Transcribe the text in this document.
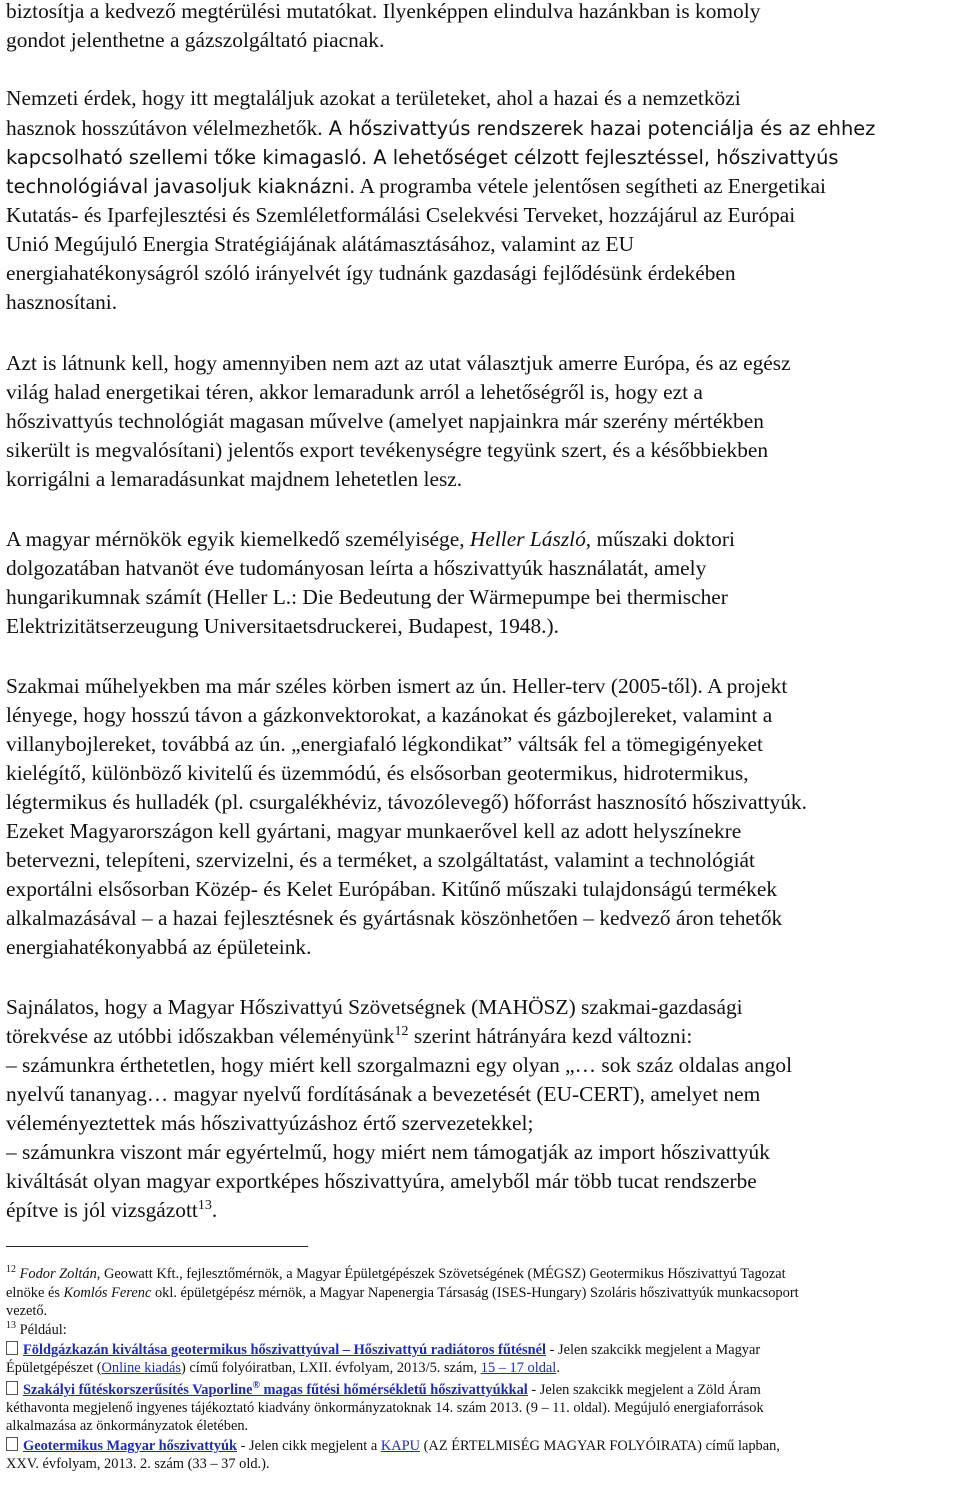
biztosítja a kedvező megtérülési mutatókat. Ilyenképpen elindulva hazánkban is komoly
gondot jelenthetne a gázszolgáltató piacnak.
Nemzeti érdek, hogy itt megtaláljuk azokat a területeket, ahol a hazai és a nemzetközi
hasznok hosszútávon vélelmezhetők. A hőszivattyús rendszerek hazai potenciálja és az ehhez
kapcsolható szellemi tőke kimagasló. A lehetőséget célzott fejlesztéssel, hőszivattyús
technológiával javasoljuk kiaknázni. A programba vétele jelentősen segítheti az Energetikai
Kutatás- és Iparfejlesztési és Szemléletformálási Cselekvési Terveket, hozzájárul az Európai
Unió Megújuló Energia Stratégiájának alátámasztásához, valamint az EU
energiahatékonyságról szóló irányelvét így tudnánk gazdasági fejlődésünk érdekében
hasznosítani.
Azt is látnunk kell, hogy amennyiben nem azt az utat választjuk amerre Európa, és az egész
világ halad energetikai téren, akkor lemaradunk arról a lehetőségről is, hogy ezt a
hőszivattyús technológiát magasan művelve (amelyet napjainkra már szerény mértékben
sikerült is megvalósítani) jelentős export tevékenységre tegyünk szert, és a későbbiekben
korrigálni a lemaradásunkat majdnem lehetetlen lesz.
A magyar mérnökök egyik kiemelkedő személyisége, Heller László, műszaki doktori
dolgozatában hatvanöt éve tudományosan leírta a hőszivattyúk használatát, amely
hungarikumnak számít (Heller L.: Die Bedeutung der Wärmepumpe bei thermischer
Elektrizitätserzeugung Universitaetsdruckerei, Budapest, 1948.).
Szakmai műhelyekben ma már széles körben ismert az ún. Heller-terv (2005-től). A projekt
lényege, hogy hosszú távon a gázkonvektorokat, a kazánokat és gázbojlereket, valamint a
villanybojlereket, továbbá az ún. „energiafaló légkondikat” váltsák fel a tömegigényeket
kielégítő, különböző kivitelű és üzemmódú, és elsősorban geotermikus, hidrotermikus,
légtermikus és hulladék (pl. csurgalékhéviz, távozólevegő) hőforrást hasznosító hőszivattyúk.
Ezeket Magyarországon kell gyártani, magyar munkaerővel kell az adott helyszínekre
betervezni, telepíteni, szervizelni, és a terméket, a szolgáltatást, valamint a technológiát
exportálni elsősorban Közép- és Kelet Európában. Kitűnő műszaki tulajdonságú termékek
alkalmazásával – a hazai fejlesztésnek és gyártásnak köszönhetően – kedvező áron tehetők
energiahatékonyabbá az épületeink.
Sajnálatos, hogy a Magyar Hőszivattyú Szövetségnek (MAHÖSZ) szakmai-gazdasági
törekvése az utóbbi időszakban véleményünk$^{12}$ szerint hátrányára kezd változni:
– számunkra érthetetlen, hogy miért kell szorgalmazni egy olyan „… sok száz oldalas angol
nyelvű tananyag… magyar nyelvű fordításának a bevezetését (EU-CERT), amelyet nem
véleményeztettek más hőszivattyúzáshoz értő szervezetekkel;
– számunkra viszont már egyértelmű, hogy miért nem támogatják az import hőszivattyúk
kiváltását olyan magyar exportképes hőszivattyúra, amelyből már több tucat rendszerbe
építve is jól vizsgázott$^{13}$.
$^{12}$ Fodor Zoltán, Geowatt Kft., fejlesztőmérnök, a Magyar Épületgépészek Szövetségének (MÉGSZ) Geotermikus Hőszivattyú Tagozat
elnöke és Komlós Ferenc okl. épületgépész mérnök, a Magyar Napenergia Társaság (ISES-Hungary) Szoláris hőszivattyúk munkacsoport
vezető.
$^{13}$ Például:
Földgázkazán kiváltása geotermikus hőszivattyúval – Hőszivattyú radiátoros fűtésnél - Jelen szakcikk megjelent a Magyar
Épületgépészet (Online kiadás) című folyóiratban, LXII. évfolyam, 2013/5. szám, 15 – 17 oldal.
Szakályi fűtéskorszerűsítés Vaporline® magas fűtési hőmérsékletű hőszivattyúkkal - Jelen szakcikk megjelent a Zöld Áram
kéthavonta megjelenő ingyenes tájékoztató kiadvány önkormányzatoknak 14. szám 2013. (9 – 11. oldal). Megújuló energiaforrások
alkalmazása az önkormányzatok életében.
Geotermikus Magyar hőszivattyúk - Jelen cikk megjelent a KAPU (AZ ÉRTELMISÉG MAGYAR FOLYÓIRATA) című lapban,
XXV. évfolyam, 2013. 2. szám (33 – 37 old.).
